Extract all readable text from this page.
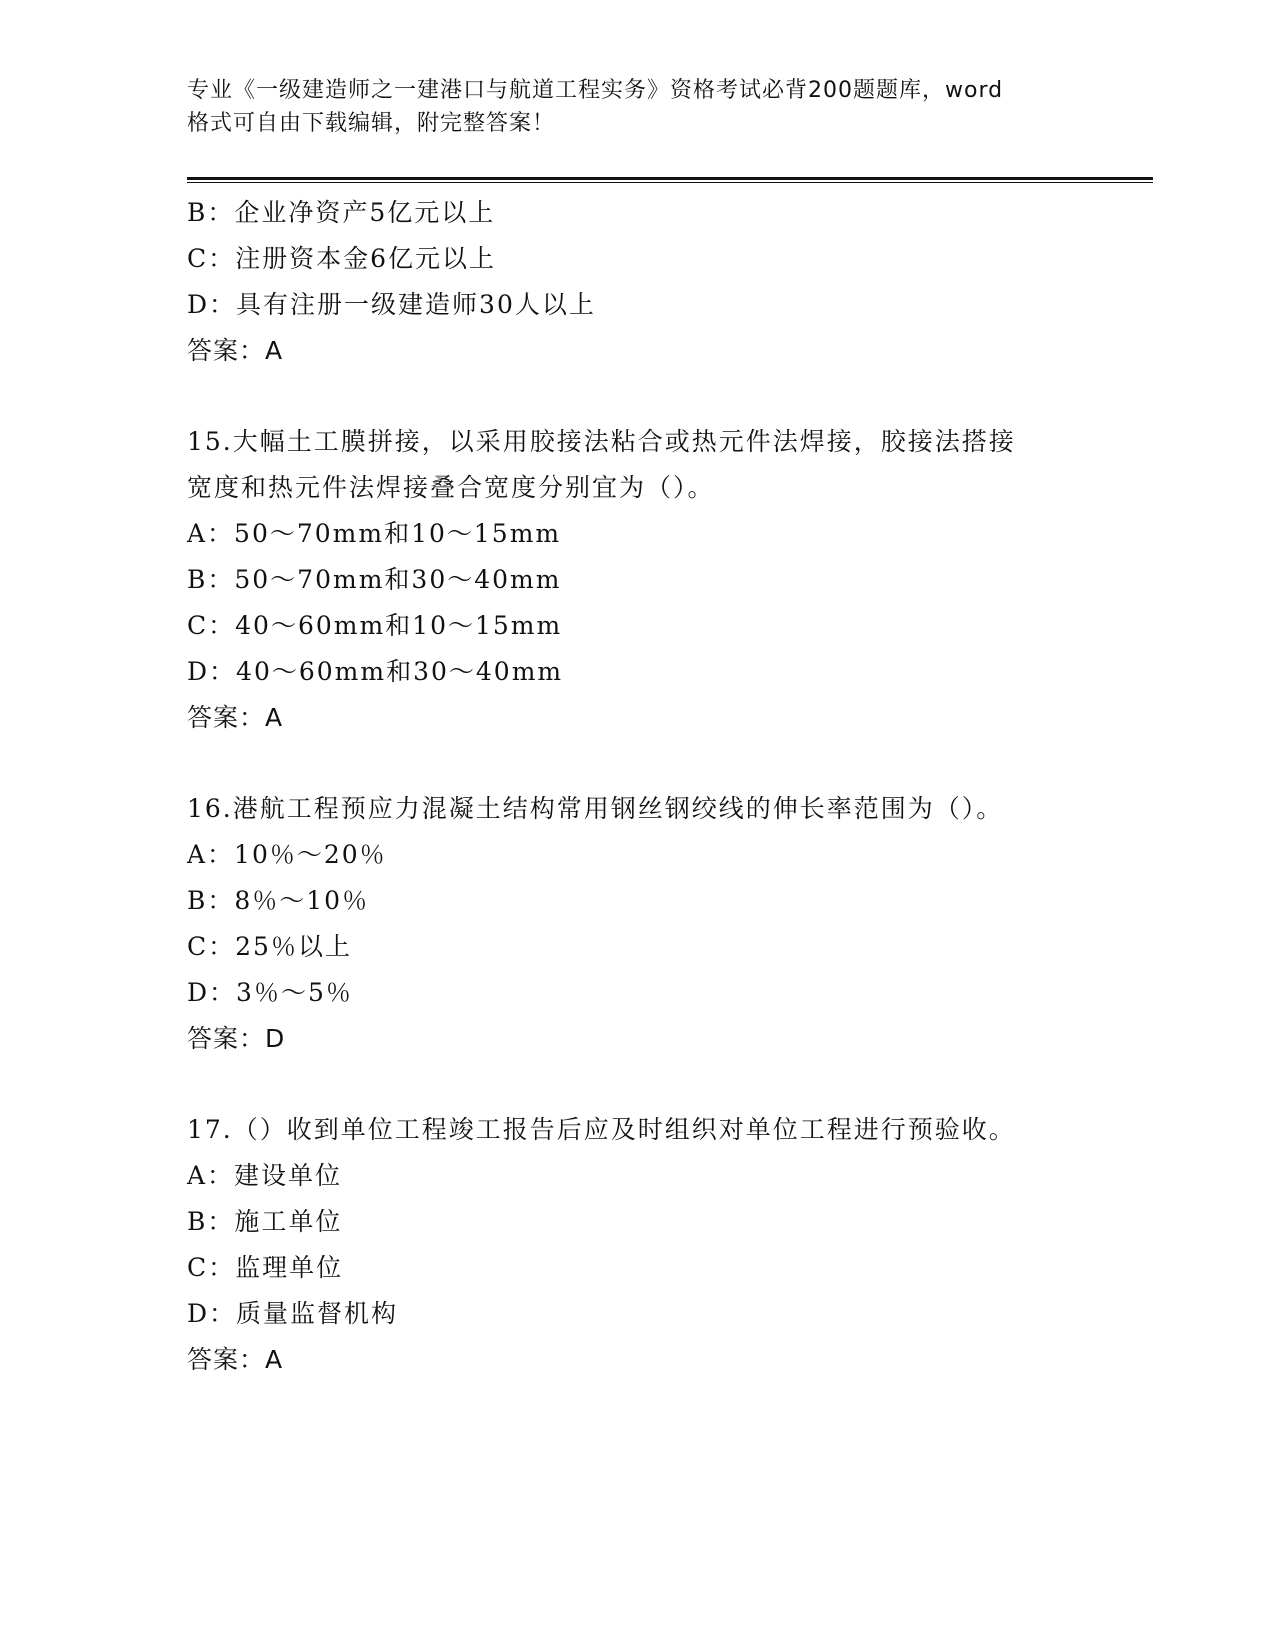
专业《一级建造师之一建港口与航道工程实务》资格考试必背200题题库，word
格式可自由下载编辑，附完整答案！
B：企业净资产5亿元以上
C：注册资本金6亿元以上
D：具有注册一级建造师30人以上
答案：A
15.大幅土工膜拼接，以采用胶接法粘合或热元件法焊接，胶接法搭接
宽度和热元件法焊接叠合宽度分别宜为（）。
A：50～70mm和10～15mm
B：50～70mm和30～40mm
C：40～60mm和10～15mm
D：40～60mm和30～40mm
答案：A
16.港航工程预应力混凝土结构常用钢丝钢绞线的伸长率范围为（）。
A：10％～20％
B：8％～10％
C：25％以上
D：3％～5％
答案：D
17.（）收到单位工程竣工报告后应及时组织对单位工程进行预验收。
A：建设单位
B：施工单位
C：监理单位
D：质量监督机构
答案：A
